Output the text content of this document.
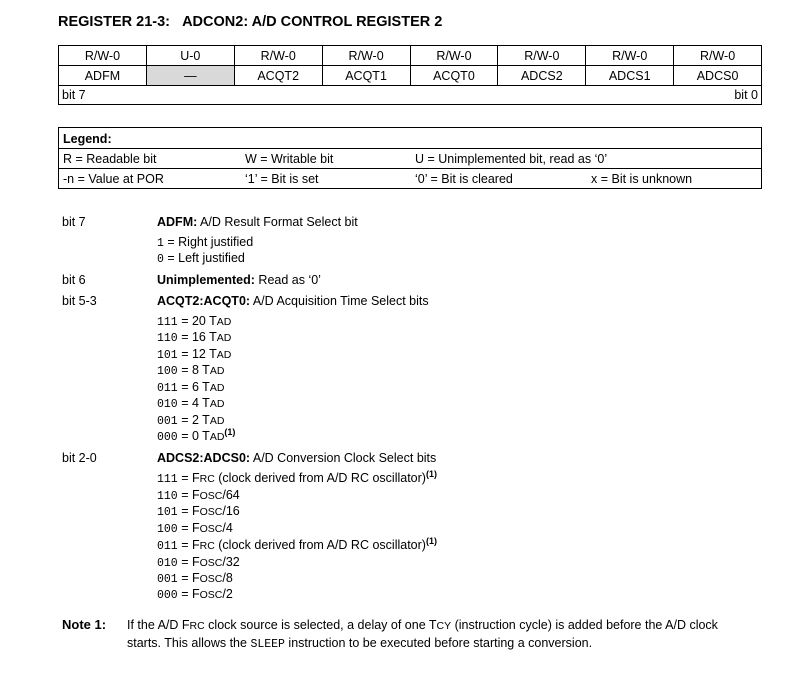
REGISTER 21-3:   ADCON2: A/D CONTROL REGISTER 2
R/W-0	U-0	R/W-0	R/W-0	R/W-0	R/W-0	R/W-0	R/W-0
ADFM	—	ACQT2	ACQT1	ACQT0	ADCS2	ADCS1	ADCS0

bit 7 bit 0							
Legend:
R = Readable bit	W = Writable bit	U = Unimplemented bit, read as ‘0’
-n = Value at POR	‘1’ = Bit is set	‘0’ = Bit is cleared	x = Bit is unknown
bit 7	ADFM: A/D Result Format Select bit
1 = Right justified
0 = Left justified
bit 6	Unimplemented: Read as ‘0’
bit 5-3	ACQT2:ACQT0: A/D Acquisition Time Select bits
111 = 20 TAD
110 = 16 TAD
101 = 12 TAD
100 = 8 TAD
011 = 6 TAD
010 = 4 TAD
001 = 2 TAD
000 = 0 TAD$^{(1)}$
bit 2-0	ADCS2:ADCS0: A/D Conversion Clock Select bits
111 = FRC (clock derived from A/D RC oscillator)$^{(1)}$
110 = FOSC/64
101 = FOSC/16
100 = FOSC/4
011 = FRC (clock derived from A/D RC oscillator)$^{(1)}$
010 = FOSC/32
001 = FOSC/8
000 = FOSC/2
Note 1: If the A/D FRC clock source is selected, a delay of one TCY (instruction cycle) is added before the A/D clock starts. This allows the SLEEP instruction to be executed before starting a conversion.
